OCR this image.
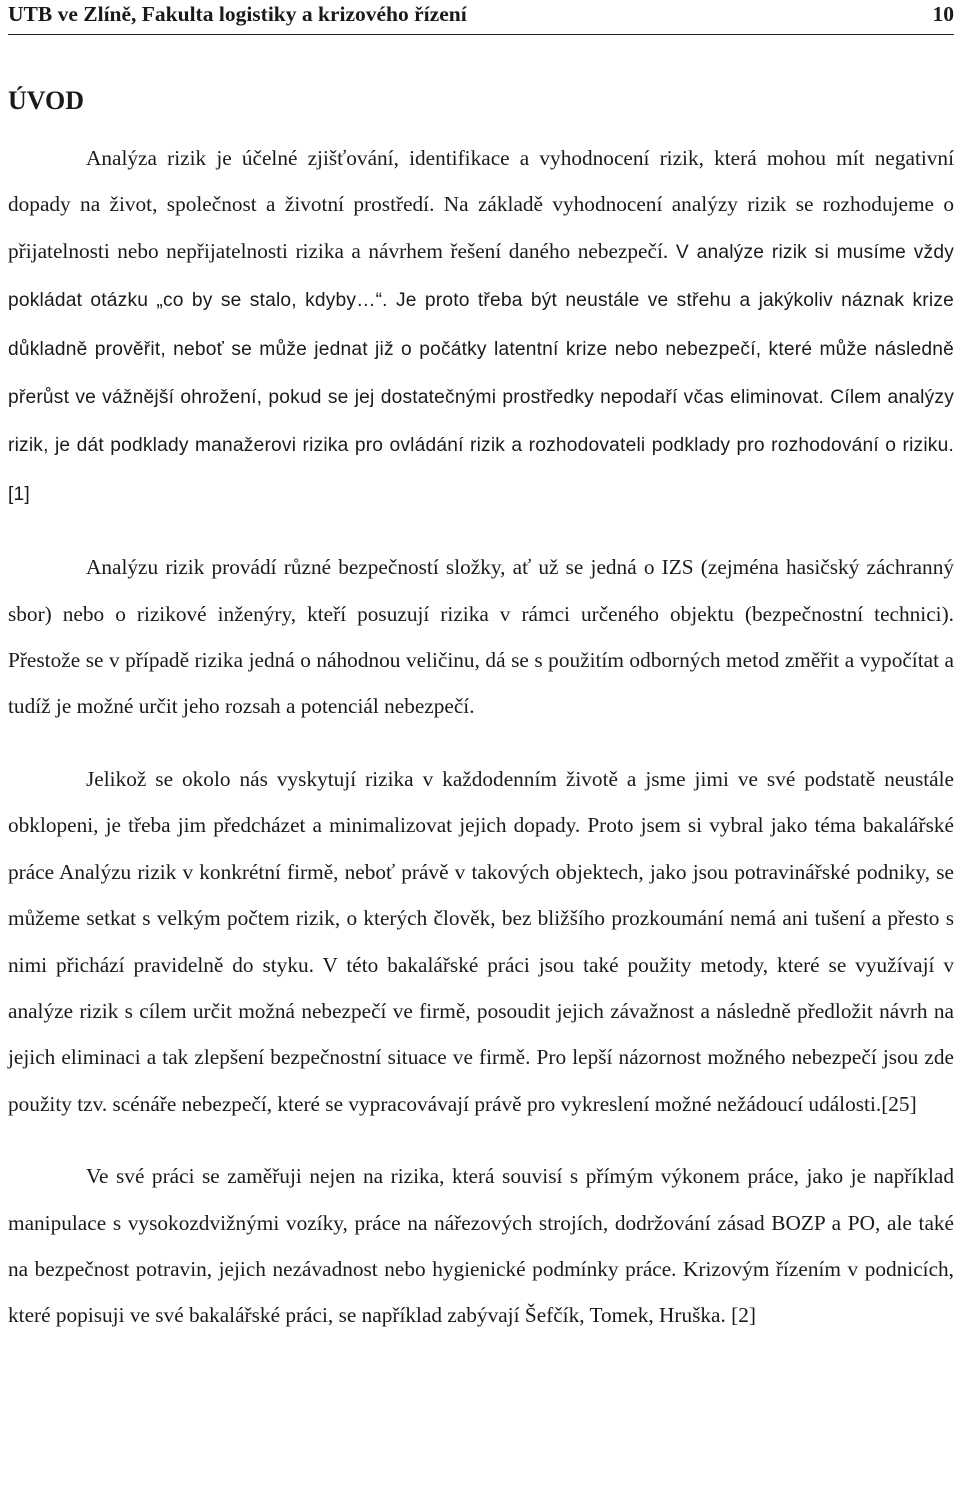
UTB ve Zlíně, Fakulta logistiky a krizového řízení	10
ÚVOD

Analýza rizik je účelné zjišťování, identifikace a vyhodnocení rizik, která mohou mít negativní dopady na život, společnost a životní prostředí. Na základě vyhodnocení analýzy rizik se rozhodujeme o přijatelnosti nebo nepřijatelnosti rizika a návrhem řešení daného nebezpečí. V analýze rizik si musíme vždy pokládat otázku „co by se stalo, kdyby…“. Je proto třeba být neustále ve střehu a jakýkoliv náznak krize důkladně prověřit, neboť se může jednat již o počátky latentní krize nebo nebezpečí, které může následně přerůst ve vážnější ohrožení, pokud se jej dostatečnými prostředky nepodaří včas eliminovat. Cílem analýzy rizik, je dát podklady manažerovi rizika pro ovládání rizik a rozhodovateli podklady pro rozhodování o riziku.[1]

Analýzu rizik provádí různé bezpečností složky, ať už se jedná o IZS (zejména hasičský záchranný sbor) nebo o rizikové inženýry, kteří posuzují rizika v rámci určeného objektu (bezpečnostní technici). Přestože se v případě rizika jedná o náhodnou veličinu, dá se s použitím odborných metod změřit a vypočítat a tudíž je možné určit jeho rozsah a potenciál nebezpečí.

Jelikož se okolo nás vyskytují rizika v každodenním životě a jsme jimi ve své podstatě neustále obklopeni, je třeba jim předcházet a minimalizovat jejich dopady. Proto jsem si vybral jako téma bakalářské práce Analýzu rizik v konkrétní firmě, neboť právě v takových objektech, jako jsou potravinářské podniky, se můžeme setkat s velkým počtem rizik, o kterých člověk, bez bližšího prozkoumání nemá ani tušení a přesto s nimi přichází pravidelně do styku. V této bakalářské práci jsou také použity metody, které se využívají v analýze rizik s cílem určit možná nebezpečí ve firmě, posoudit jejich závažnost a následně předložit návrh na jejich eliminaci a tak zlepšení bezpečnostní situace ve firmě. Pro lepší názornost možného nebezpečí jsou zde použity tzv. scénáře nebezpečí, které se vypracovávají právě pro vykreslení možné nežádoucí události.[25]

Ve své práci se zaměřuji nejen na rizika, která souvisí s přímým výkonem práce, jako je například manipulace s vysokozdvižnými vozíky, práce na nářezových strojích, dodržování zásad BOZP a PO, ale také na bezpečnost potravin, jejich nezávadnost nebo hygienické podmínky práce. Krizovým řízením v podnicích, které popisuji ve své bakalářské práci, se například zabývají Šefčík, Tomek, Hruška. [2]
